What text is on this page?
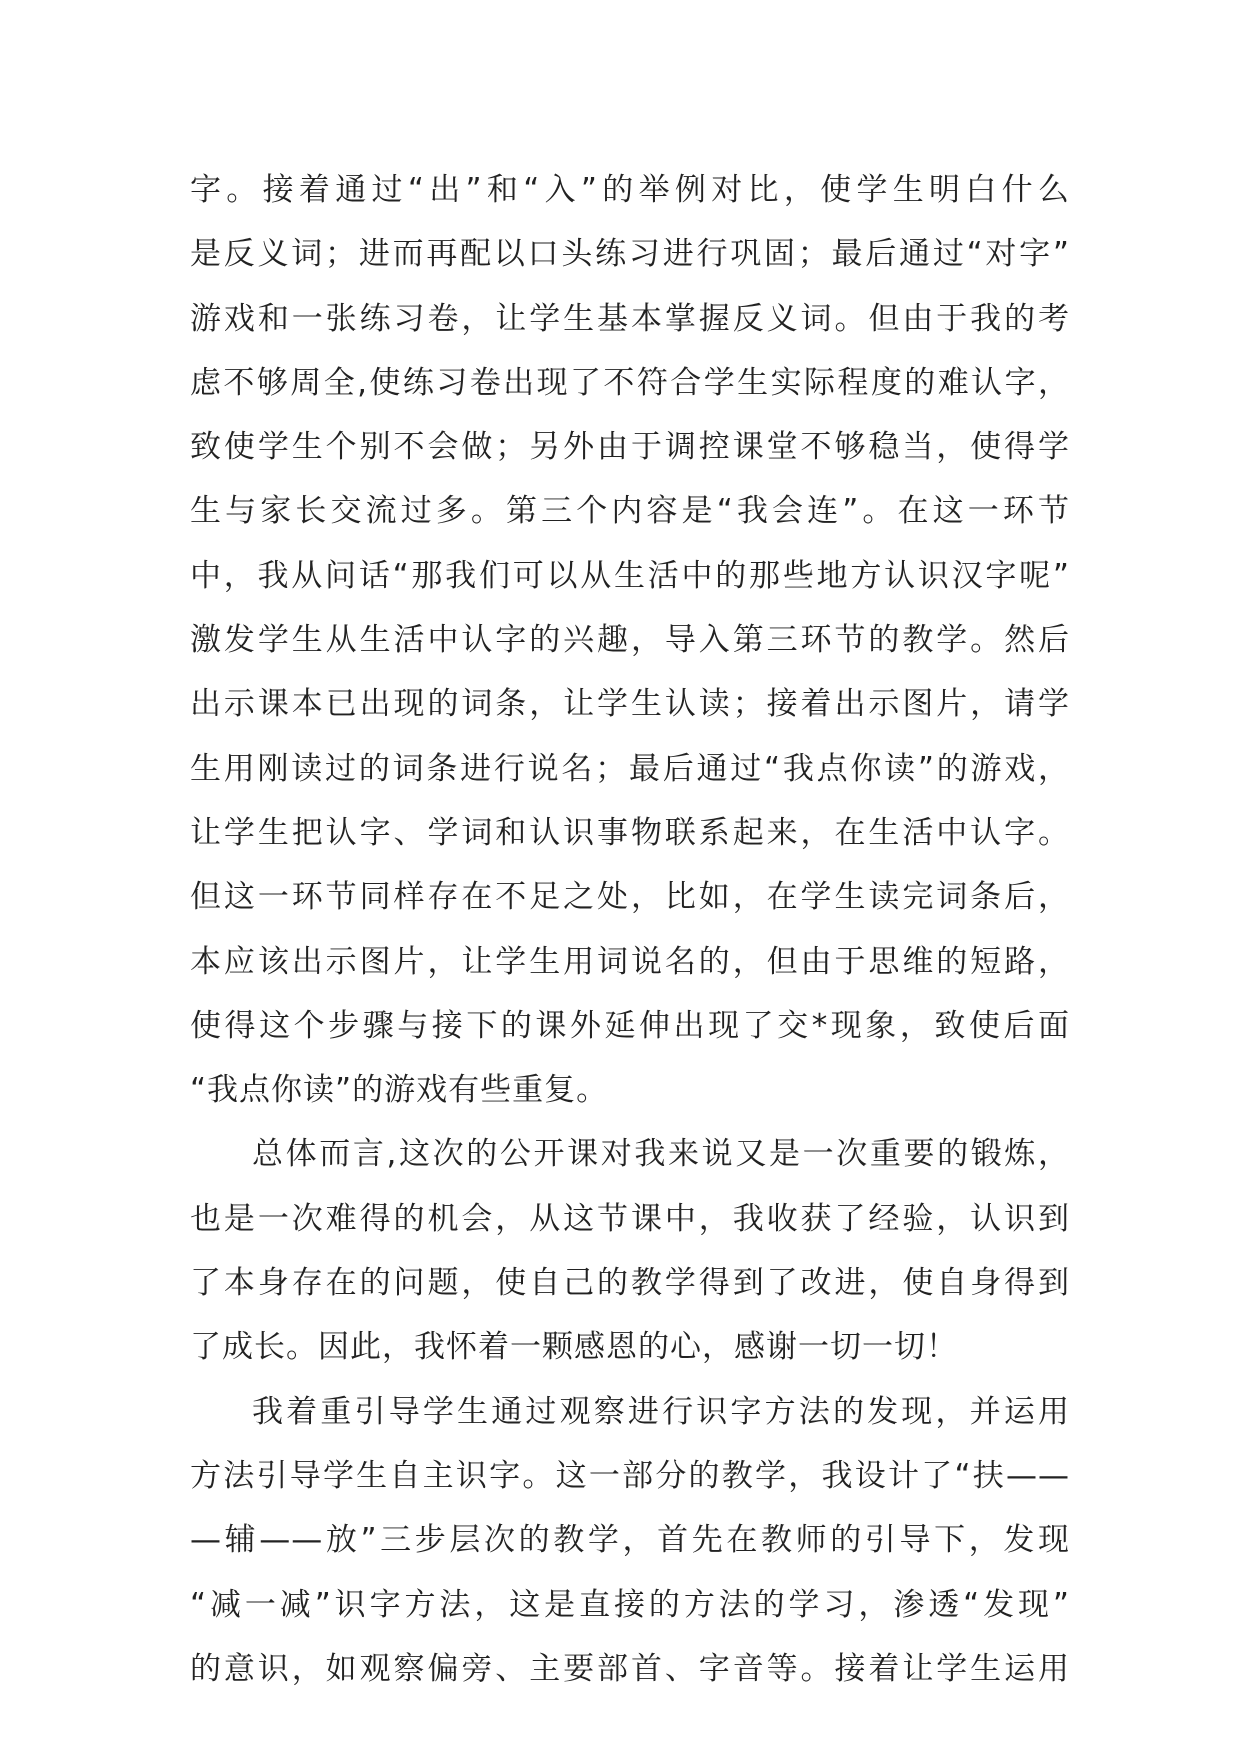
字。接着通过“出”和“入”的举例对比，使学生明白什么
是反义词；进而再配以口头练习进行巩固；最后通过“对字”
游戏和一张练习卷，让学生基本掌握反义词。但由于我的考
虑不够周全,使练习卷出现了不符合学生实际程度的难认字，
致使学生个别不会做；另外由于调控课堂不够稳当，使得学
生与家长交流过多。第三个内容是“我会连”。在这一环节
中，我从问话“那我们可以从生活中的那些地方认识汉字呢”
激发学生从生活中认字的兴趣，导入第三环节的教学。然后
出示课本已出现的词条，让学生认读；接着出示图片，请学
生用刚读过的词条进行说名；最后通过“我点你读”的游戏，
让学生把认字、学词和认识事物联系起来，在生活中认字。
但这一环节同样存在不足之处，比如，在学生读完词条后，
本应该出示图片，让学生用词说名的，但由于思维的短路，
使得这个步骤与接下的课外延伸出现了交*现象，致使后面
“我点你读”的游戏有些重复。
总体而言,这次的公开课对我来说又是一次重要的锻炼，
也是一次难得的机会，从这节课中，我收获了经验，认识到
了本身存在的问题，使自己的教学得到了改进，使自身得到
了成长。因此，我怀着一颗感恩的心，感谢一切一切！
我着重引导学生通过观察进行识字方法的发现，并运用
方法引导学生自主识字。这一部分的教学，我设计了“扶——
—辅——放”三步层次的教学，首先在教师的引导下，发现
“减一减”识字方法，这是直接的方法的学习，渗透“发现”
的意识，如观察偏旁、主要部首、字音等。接着让学生运用
